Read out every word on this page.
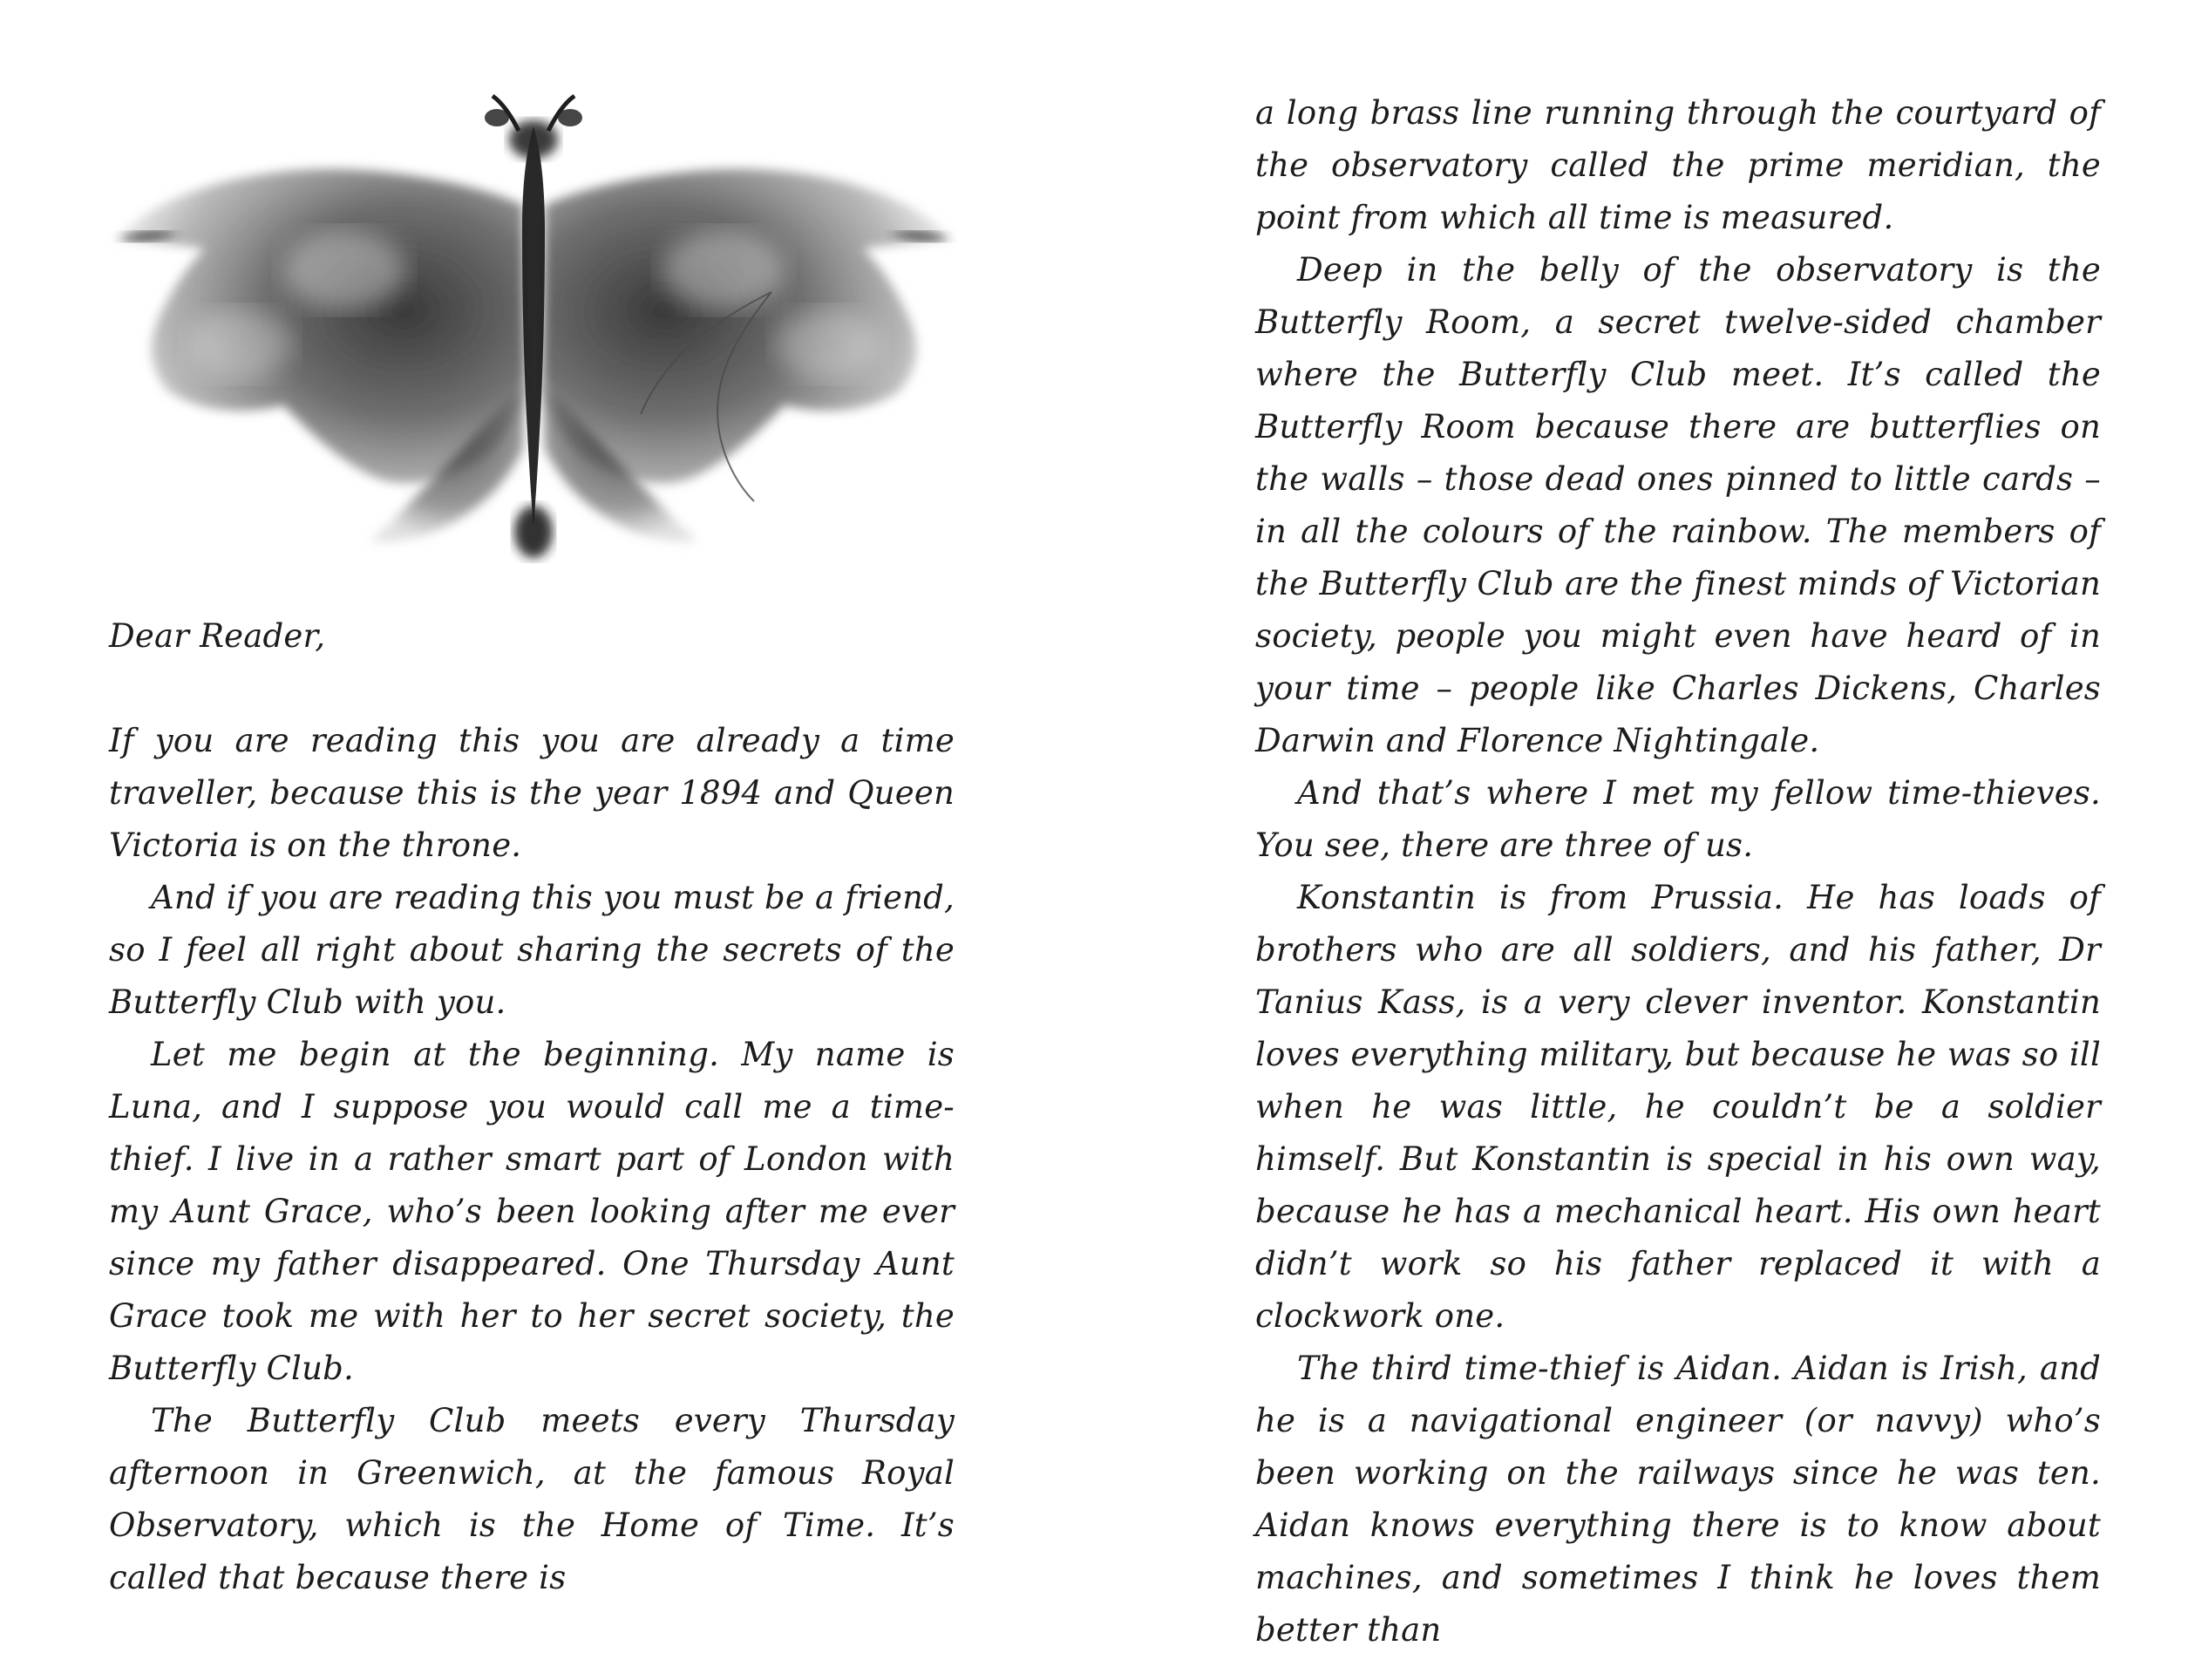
Dear Reader,

If you are reading this you are already a time traveller, because this is the year 1894 and Queen Victoria is on the throne.

And if you are reading this you must be a friend, so I feel all right about sharing the secrets of the Butterfly Club with you.

Let me begin at the beginning. My name is Luna, and I suppose you would call me a time-thief. I live in a rather smart part of London with my Aunt Grace, who’s been looking after me ever since my father disappeared. One Thursday Aunt Grace took me with her to her secret society, the Butterfly Club.

The Butterfly Club meets every Thursday afternoon in Greenwich, at the famous Royal Observatory, which is the Home of Time. It’s called that because there is

a long brass line running through the courtyard of the observatory called the prime meridian, the point from which all time is measured.

Deep in the belly of the observatory is the Butterfly Room, a secret twelve-sided chamber where the Butterfly Club meet. It’s called the Butterfly Room because there are butterflies on the walls – those dead ones pinned to little cards – in all the colours of the rainbow. The members of the Butterfly Club are the finest minds of Victorian society, people you might even have heard of in your time – people like Charles Dickens, Charles Darwin and Florence Nightingale.

And that’s where I met my fellow time-thieves. You see, there are three of us.

Konstantin is from Prussia. He has loads of brothers who are all soldiers, and his father, Dr Tanius Kass, is a very clever inventor. Konstantin loves everything military, but because he was so ill when he was little, he couldn’t be a soldier himself. But Konstantin is special in his own way, because he has a mechanical heart. His own heart didn’t work so his father replaced it with a clockwork one.

The third time-thief is Aidan. Aidan is Irish, and he is a navigational engineer (or navvy) who’s been working on the railways since he was ten. Aidan knows everything there is to know about machines, and sometimes I think he loves them better than
